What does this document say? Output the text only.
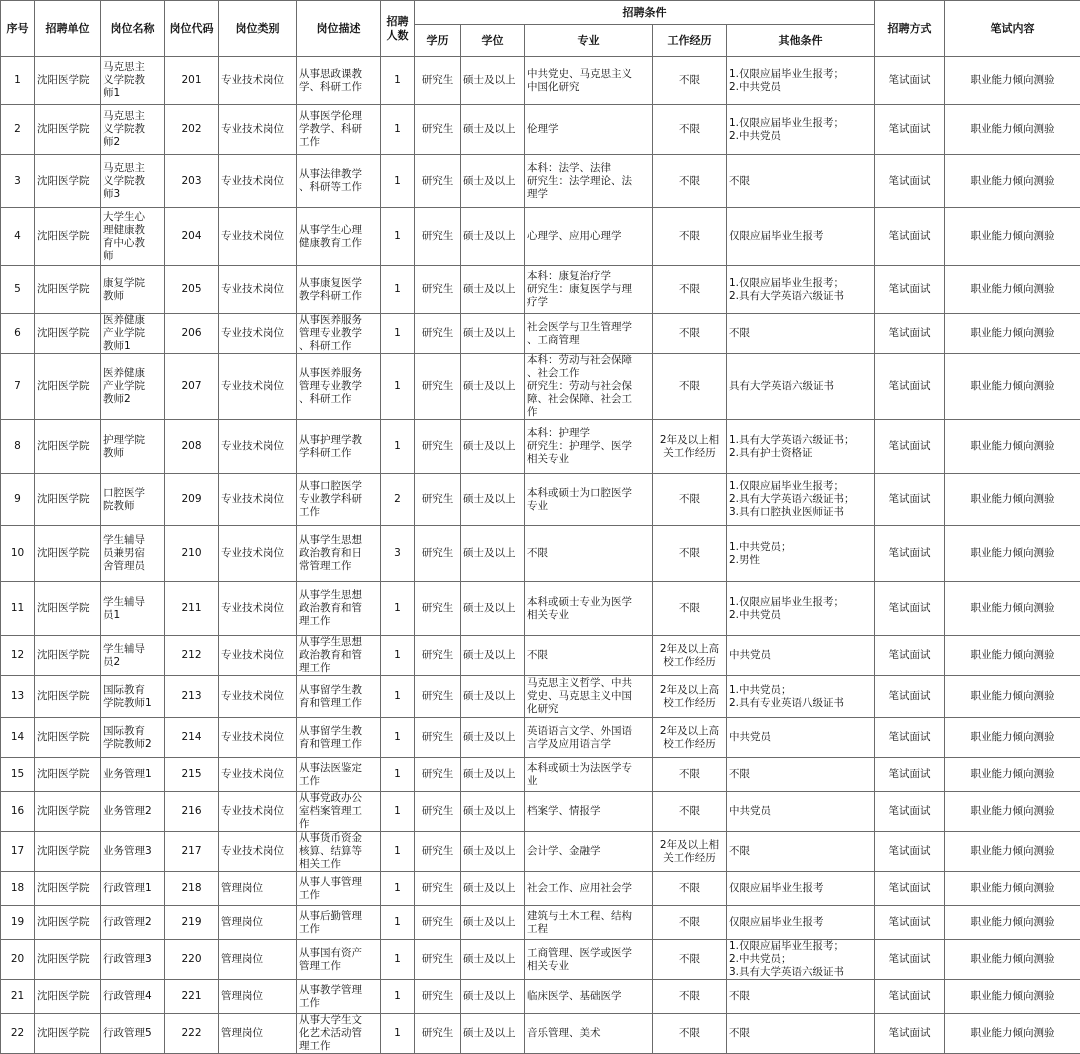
序号	招聘单位	岗位名称	岗位代码	岗位类别	岗位描述	招聘
人数	招聘条件					招聘方式	笔试内容
							学历	学位	专业	工作经历	其他条件		
1	沈阳医学院	马克思主
义学院教
师1	201	专业技术岗位	从事思政课教
学、科研工作	1	研究生	硕士及以上	中共党史、马克思主义
中国化研究	不限	1.仅限应届毕业生报考；
2.中共党员	笔试面试	职业能力倾向测验
2	沈阳医学院	马克思主
义学院教
师2	202	专业技术岗位	从事医学伦理
学教学、科研
工作	1	研究生	硕士及以上	伦理学	不限	1.仅限应届毕业生报考；
2.中共党员	笔试面试	职业能力倾向测验
3	沈阳医学院	马克思主
义学院教
师3	203	专业技术岗位	从事法律教学
、科研等工作	1	研究生	硕士及以上	本科：法学、法律
研究生：法学理论、法
理学	不限	不限	笔试面试	职业能力倾向测验
4	沈阳医学院	大学生心
理健康教
育中心教
师	204	专业技术岗位	从事学生心理
健康教育工作	1	研究生	硕士及以上	心理学、应用心理学	不限	仅限应届毕业生报考	笔试面试	职业能力倾向测验
5	沈阳医学院	康复学院
教师	205	专业技术岗位	从事康复医学
教学科研工作	1	研究生	硕士及以上	本科：康复治疗学
研究生：康复医学与理
疗学	不限	1.仅限应届毕业生报考；
2.具有大学英语六级证书	笔试面试	职业能力倾向测验
6	沈阳医学院	医养健康
产业学院
教师1	206	专业技术岗位	从事医养服务
管理专业教学
、科研工作	1	研究生	硕士及以上	社会医学与卫生管理学
、工商管理	不限	不限	笔试面试	职业能力倾向测验
7	沈阳医学院	医养健康
产业学院
教师2	207	专业技术岗位	从事医养服务
管理专业教学
、科研工作	1	研究生	硕士及以上	本科：劳动与社会保障
、社会工作
研究生：劳动与社会保
障、社会保障、社会工
作	不限	具有大学英语六级证书	笔试面试	职业能力倾向测验
8	沈阳医学院	护理学院
教师	208	专业技术岗位	从事护理学教
学科研工作	1	研究生	硕士及以上	本科：护理学
研究生：护理学、医学
相关专业	2年及以上相
关工作经历	1.具有大学英语六级证书；
2.具有护士资格证	笔试面试	职业能力倾向测验
9	沈阳医学院	口腔医学
院教师	209	专业技术岗位	从事口腔医学
专业教学科研
工作	2	研究生	硕士及以上	本科或硕士为口腔医学
专业	不限	1.仅限应届毕业生报考；
2.具有大学英语六级证书；
3.具有口腔执业医师证书	笔试面试	职业能力倾向测验
10	沈阳医学院	学生辅导
员兼男宿
舍管理员	210	专业技术岗位	从事学生思想
政治教育和日
常管理工作	3	研究生	硕士及以上	不限	不限	1.中共党员；
2.男性	笔试面试	职业能力倾向测验
11	沈阳医学院	学生辅导
员1	211	专业技术岗位	从事学生思想
政治教育和管
理工作	1	研究生	硕士及以上	本科或硕士专业为医学
相关专业	不限	1.仅限应届毕业生报考；
2.中共党员	笔试面试	职业能力倾向测验
12	沈阳医学院	学生辅导
员2	212	专业技术岗位	从事学生思想
政治教育和管
理工作	1	研究生	硕士及以上	不限	2年及以上高
校工作经历	中共党员	笔试面试	职业能力倾向测验
13	沈阳医学院	国际教育
学院教师1	213	专业技术岗位	从事留学生教
育和管理工作	1	研究生	硕士及以上	马克思主义哲学、中共
党史、马克思主义中国
化研究	2年及以上高
校工作经历	1.中共党员；
2.具有专业英语八级证书	笔试面试	职业能力倾向测验
14	沈阳医学院	国际教育
学院教师2	214	专业技术岗位	从事留学生教
育和管理工作	1	研究生	硕士及以上	英语语言文学、外国语
言学及应用语言学	2年及以上高
校工作经历	中共党员	笔试面试	职业能力倾向测验
15	沈阳医学院	业务管理1	215	专业技术岗位	从事法医鉴定
工作	1	研究生	硕士及以上	本科或硕士为法医学专
业	不限	不限	笔试面试	职业能力倾向测验
16	沈阳医学院	业务管理2	216	专业技术岗位	从事党政办公
室档案管理工
作	1	研究生	硕士及以上	档案学、情报学	不限	中共党员	笔试面试	职业能力倾向测验
17	沈阳医学院	业务管理3	217	专业技术岗位	从事货币资金
核算、结算等
相关工作	1	研究生	硕士及以上	会计学、金融学	2年及以上相
关工作经历	不限	笔试面试	职业能力倾向测验
18	沈阳医学院	行政管理1	218	管理岗位	从事人事管理
工作	1	研究生	硕士及以上	社会工作、应用社会学	不限	仅限应届毕业生报考	笔试面试	职业能力倾向测验
19	沈阳医学院	行政管理2	219	管理岗位	从事后勤管理
工作	1	研究生	硕士及以上	建筑与土木工程、结构
工程	不限	仅限应届毕业生报考	笔试面试	职业能力倾向测验
20	沈阳医学院	行政管理3	220	管理岗位	从事国有资产
管理工作	1	研究生	硕士及以上	工商管理、医学或医学
相关专业	不限	1.仅限应届毕业生报考；
2.中共党员；
3.具有大学英语六级证书	笔试面试	职业能力倾向测验
21	沈阳医学院	行政管理4	221	管理岗位	从事教学管理
工作	1	研究生	硕士及以上	临床医学、基础医学	不限	不限	笔试面试	职业能力倾向测验
22	沈阳医学院	行政管理5	222	管理岗位	从事大学生文
化艺术活动管
理工作	1	研究生	硕士及以上	音乐管理、美术	不限	不限	笔试面试	职业能力倾向测验
